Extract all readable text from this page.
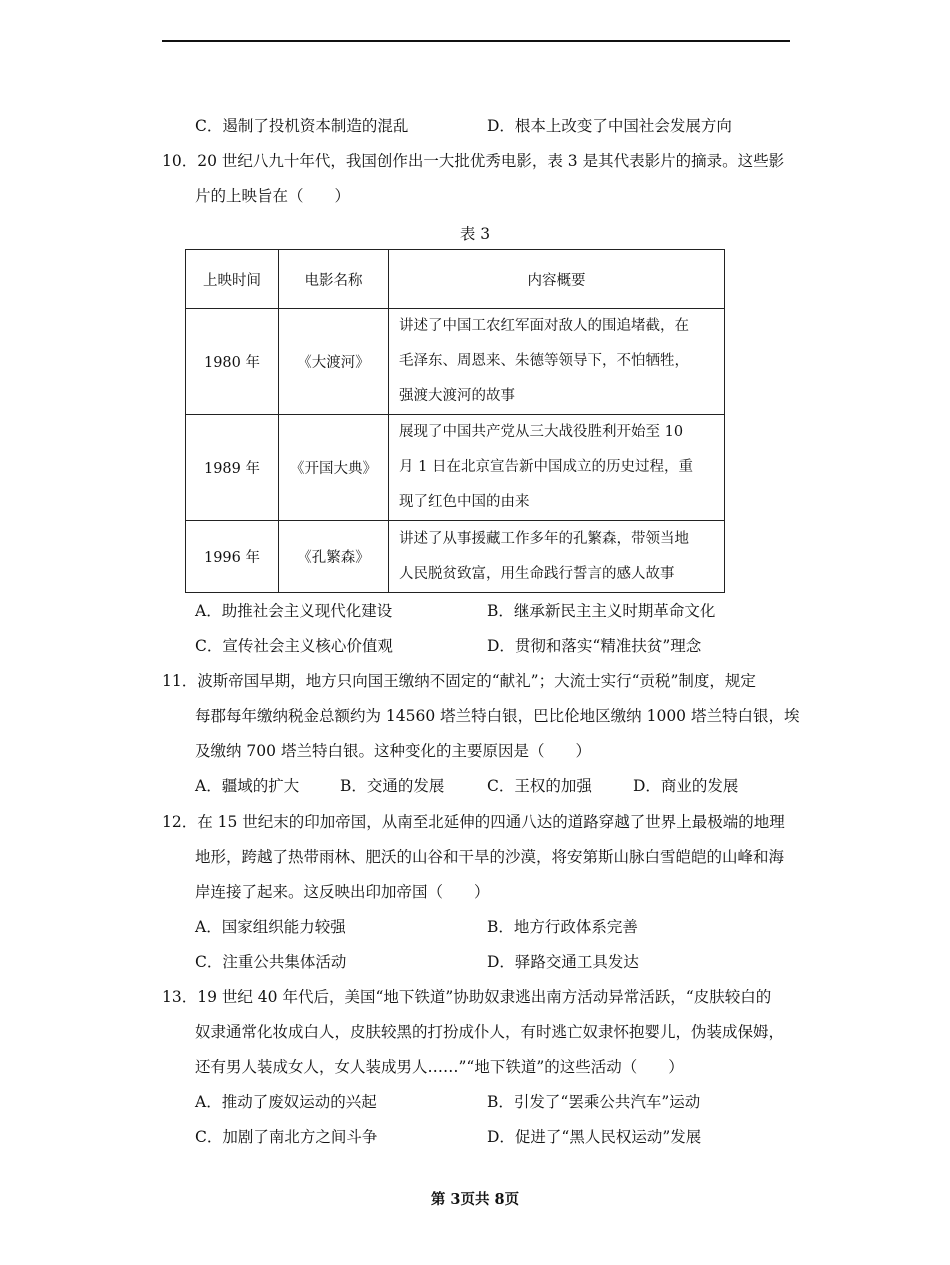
C．遏制了投机资本制造的混乱	D．根本上改变了中国社会发展方向
10．20 世纪八九十年代，我国创作出一大批优秀电影，表 3 是其代表影片的摘录。这些影
片的上映旨在（　　）
表 3
上映时间	电影名称	内容概要
1980 年	《大渡河》	讲述了中国工农红军面对敌人的围追堵截，在
毛泽东、周恩来、朱德等领导下，不怕牺牲，
强渡大渡河的故事

1989 年	《开国大典》	展现了中国共产党从三大战役胜利开始至 10
月 1 日在北京宣告新中国成立的历史过程，重
现了红色中国的由来

1996 年	《孔繁森》	讲述了从事援藏工作多年的孔繁森，带领当地
人民脱贫致富，用生命践行誓言的感人故事
A．助推社会主义现代化建设	B．继承新民主主义时期革命文化
C．宣传社会主义核心价值观	D．贯彻和落实“精准扶贫”理念
11．波斯帝国早期，地方只向国王缴纳不固定的“献礼”；大流士实行“贡税”制度，规定
每郡每年缴纳税金总额约为 14560 塔兰特白银，巴比伦地区缴纳 1000 塔兰特白银，埃
及缴纳 700 塔兰特白银。这种变化的主要原因是（　　）
A．疆域的扩大	B．交通的发展	C．王权的加强	D．商业的发展
12．在 15 世纪末的印加帝国，从南至北延伸的四通八达的道路穿越了世界上最极端的地理
地形，跨越了热带雨林、肥沃的山谷和干旱的沙漠，将安第斯山脉白雪皑皑的山峰和海
岸连接了起来。这反映出印加帝国（　　）
A．国家组织能力较强	B．地方行政体系完善
C．注重公共集体活动	D．驿路交通工具发达
13．19 世纪 40 年代后，美国“地下铁道”协助奴隶逃出南方活动异常活跃，“皮肤较白的
奴隶通常化妆成白人，皮肤较黑的打扮成仆人，有时逃亡奴隶怀抱婴儿，伪装成保姆，
还有男人装成女人，女人装成男人……”“地下铁道”的这些活动（　　）
A．推动了废奴运动的兴起	B．引发了“罢乘公共汽车”运动
C．加剧了南北方之间斗争	D．促进了“黑人民权运动”发展
第 3页共 8页
